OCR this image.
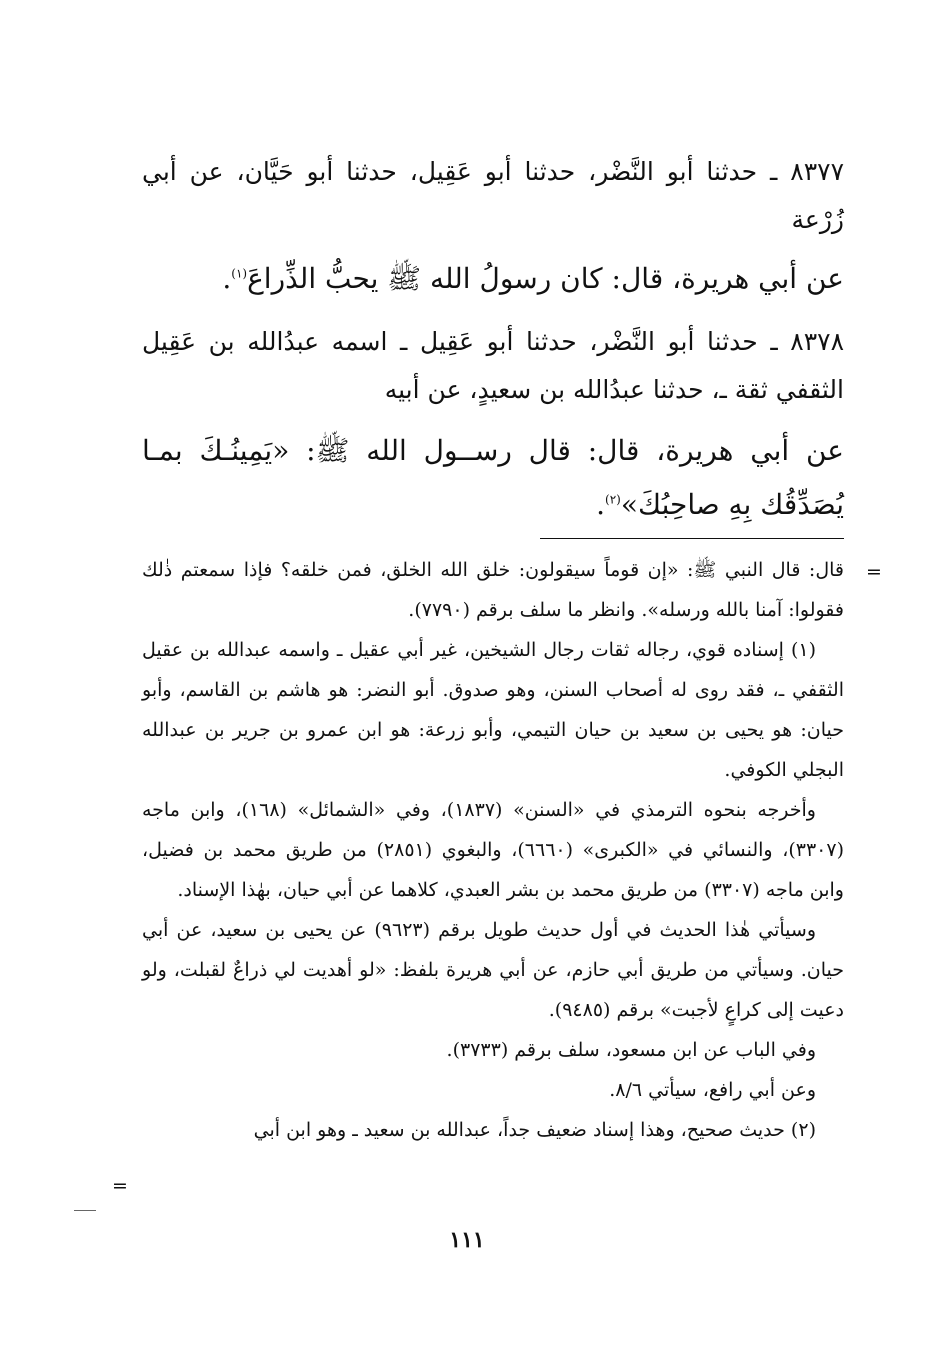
٨٣٧٧ ـ حدثنا أبو النَّضْر، حدثنا أبو عَقِيل، حدثنا أبو حَيَّان، عن أبي زُرْعة

عن أبي هريرة، قال: كان رسولُ الله ﷺ يحبُّ الذِّراعَ$^{(١)}$.

٨٣٧٨ ـ حدثنا أبو النَّضْر، حدثنا أبو عَقِيل ـ اسمه عبدُالله بن عَقِيل الثقفي ثقة ـ، حدثنا عبدُالله بن سعيدٍ، عن أبيه

عن أبي هريرة، قال: قال رســول الله ﷺ: «يَمِينُـكَ بمـا يُصَدِّقُك بِهِ صاحِبُكَ»$^{(٢)}$.

=
=

قال: قال النبي ﷺ: «إن قوماً سيقولون: خلق الله الخلق، فمن خلقه؟ فإذا سمعتم ذٰلك فقولوا: آمنا بالله ورسله». وانظر ما سلف برقم (٧٧٩٠).

(١) إسناده قوي، رجاله ثقات رجال الشيخين، غير أبي عقيل ـ واسمه عبدالله بن عقيل الثقفي ـ، فقد روى له أصحاب السنن، وهو صدوق. أبو النضر: هو هاشم بن القاسم، وأبو حيان: هو يحيى بن سعيد بن حيان التيمي، وأبو زرعة: هو ابن عمرو بن جرير بن عبدالله البجلي الكوفي.

وأخرجه بنحوه الترمذي في «السنن» (١٨٣٧)، وفي «الشمائل» (١٦٨)، وابن ماجه (٣٣٠٧)، والنسائي في «الكبرى» (٦٦٦٠)، والبغوي (٢٨٥١) من طريق محمد بن فضيل، وابن ماجه (٣٣٠٧) من طريق محمد بن بشر العبدي، كلاهما عن أبي حيان، بهٰذا الإسناد.

وسيأتي هٰذا الحديث في أول حديث طويل برقم (٩٦٢٣) عن يحيى بن سعيد، عن أبي حيان. وسيأتي من طريق أبي حازم، عن أبي هريرة بلفظ: «لو أهديت لي ذراعٌ لقبلت، ولو دعيت إلى كراعٍ لأجبت» برقم (٩٤٨٥).

وفي الباب عن ابن مسعود، سلف برقم (٣٧٣٣).

وعن أبي رافع، سيأتي ٨/٦.

(٢) حديث صحيح، وهذا إسناد ضعيف جداً، عبدالله بن سعيد ـ وهو ابن أبي

١١١
